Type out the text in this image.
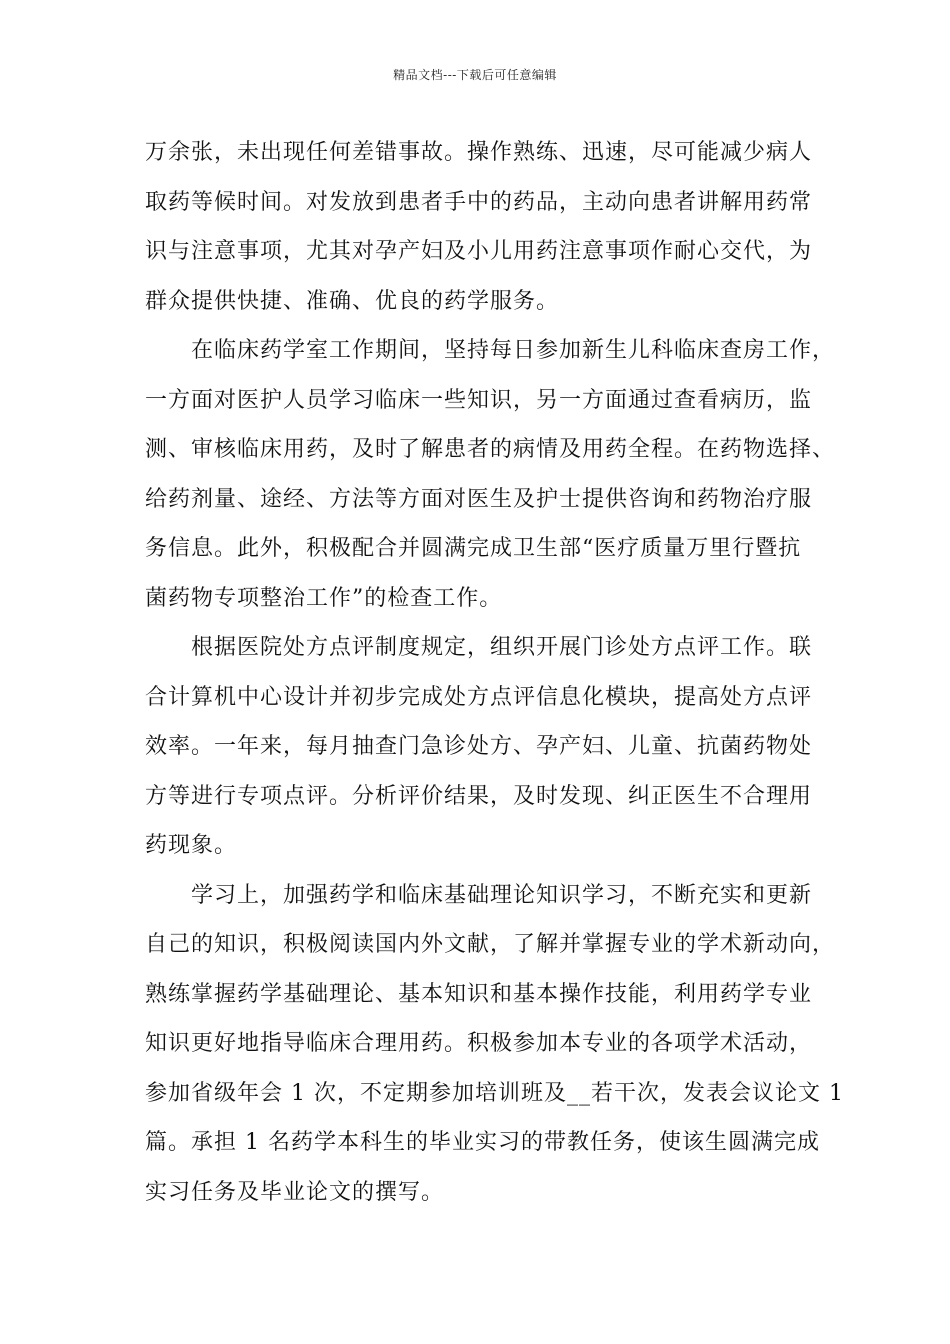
精品文档---下载后可任意编辑
万余张，未出现任何差错事故。操作熟练、迅速，尽可能减少病人
取药等候时间。对发放到患者手中的药品，主动向患者讲解用药常
识与注意事项，尤其对孕产妇及小儿用药注意事项作耐心交代，为
群众提供快捷、准确、优良的药学服务。
在临床药学室工作期间，坚持每日参加新生儿科临床查房工作，
一方面对医护人员学习临床一些知识，另一方面通过查看病历，监
测、审核临床用药，及时了解患者的病情及用药全程。在药物选择、
给药剂量、途经、方法等方面对医生及护士提供咨询和药物治疗服
务信息。此外，积极配合并圆满完成卫生部“医疗质量万里行暨抗
菌药物专项整治工作”的检查工作。
根据医院处方点评制度规定，组织开展门诊处方点评工作。联
合计算机中心设计并初步完成处方点评信息化模块，提高处方点评
效率。一年来，每月抽查门急诊处方、孕产妇、儿童、抗菌药物处
方等进行专项点评。分析评价结果，及时发现、纠正医生不合理用
药现象。
学习上，加强药学和临床基础理论知识学习，不断充实和更新
自己的知识，积极阅读国内外文献，了解并掌握专业的学术新动向，
熟练掌握药学基础理论、基本知识和基本操作技能，利用药学专业
知识更好地指导临床合理用药。积极参加本专业的各项学术活动，
参加省级年会 1 次，不定期参加培训班及__若干次，发表会议论文 1
篇。承担 1 名药学本科生的毕业实习的带教任务，使该生圆满完成
实习任务及毕业论文的撰写。
